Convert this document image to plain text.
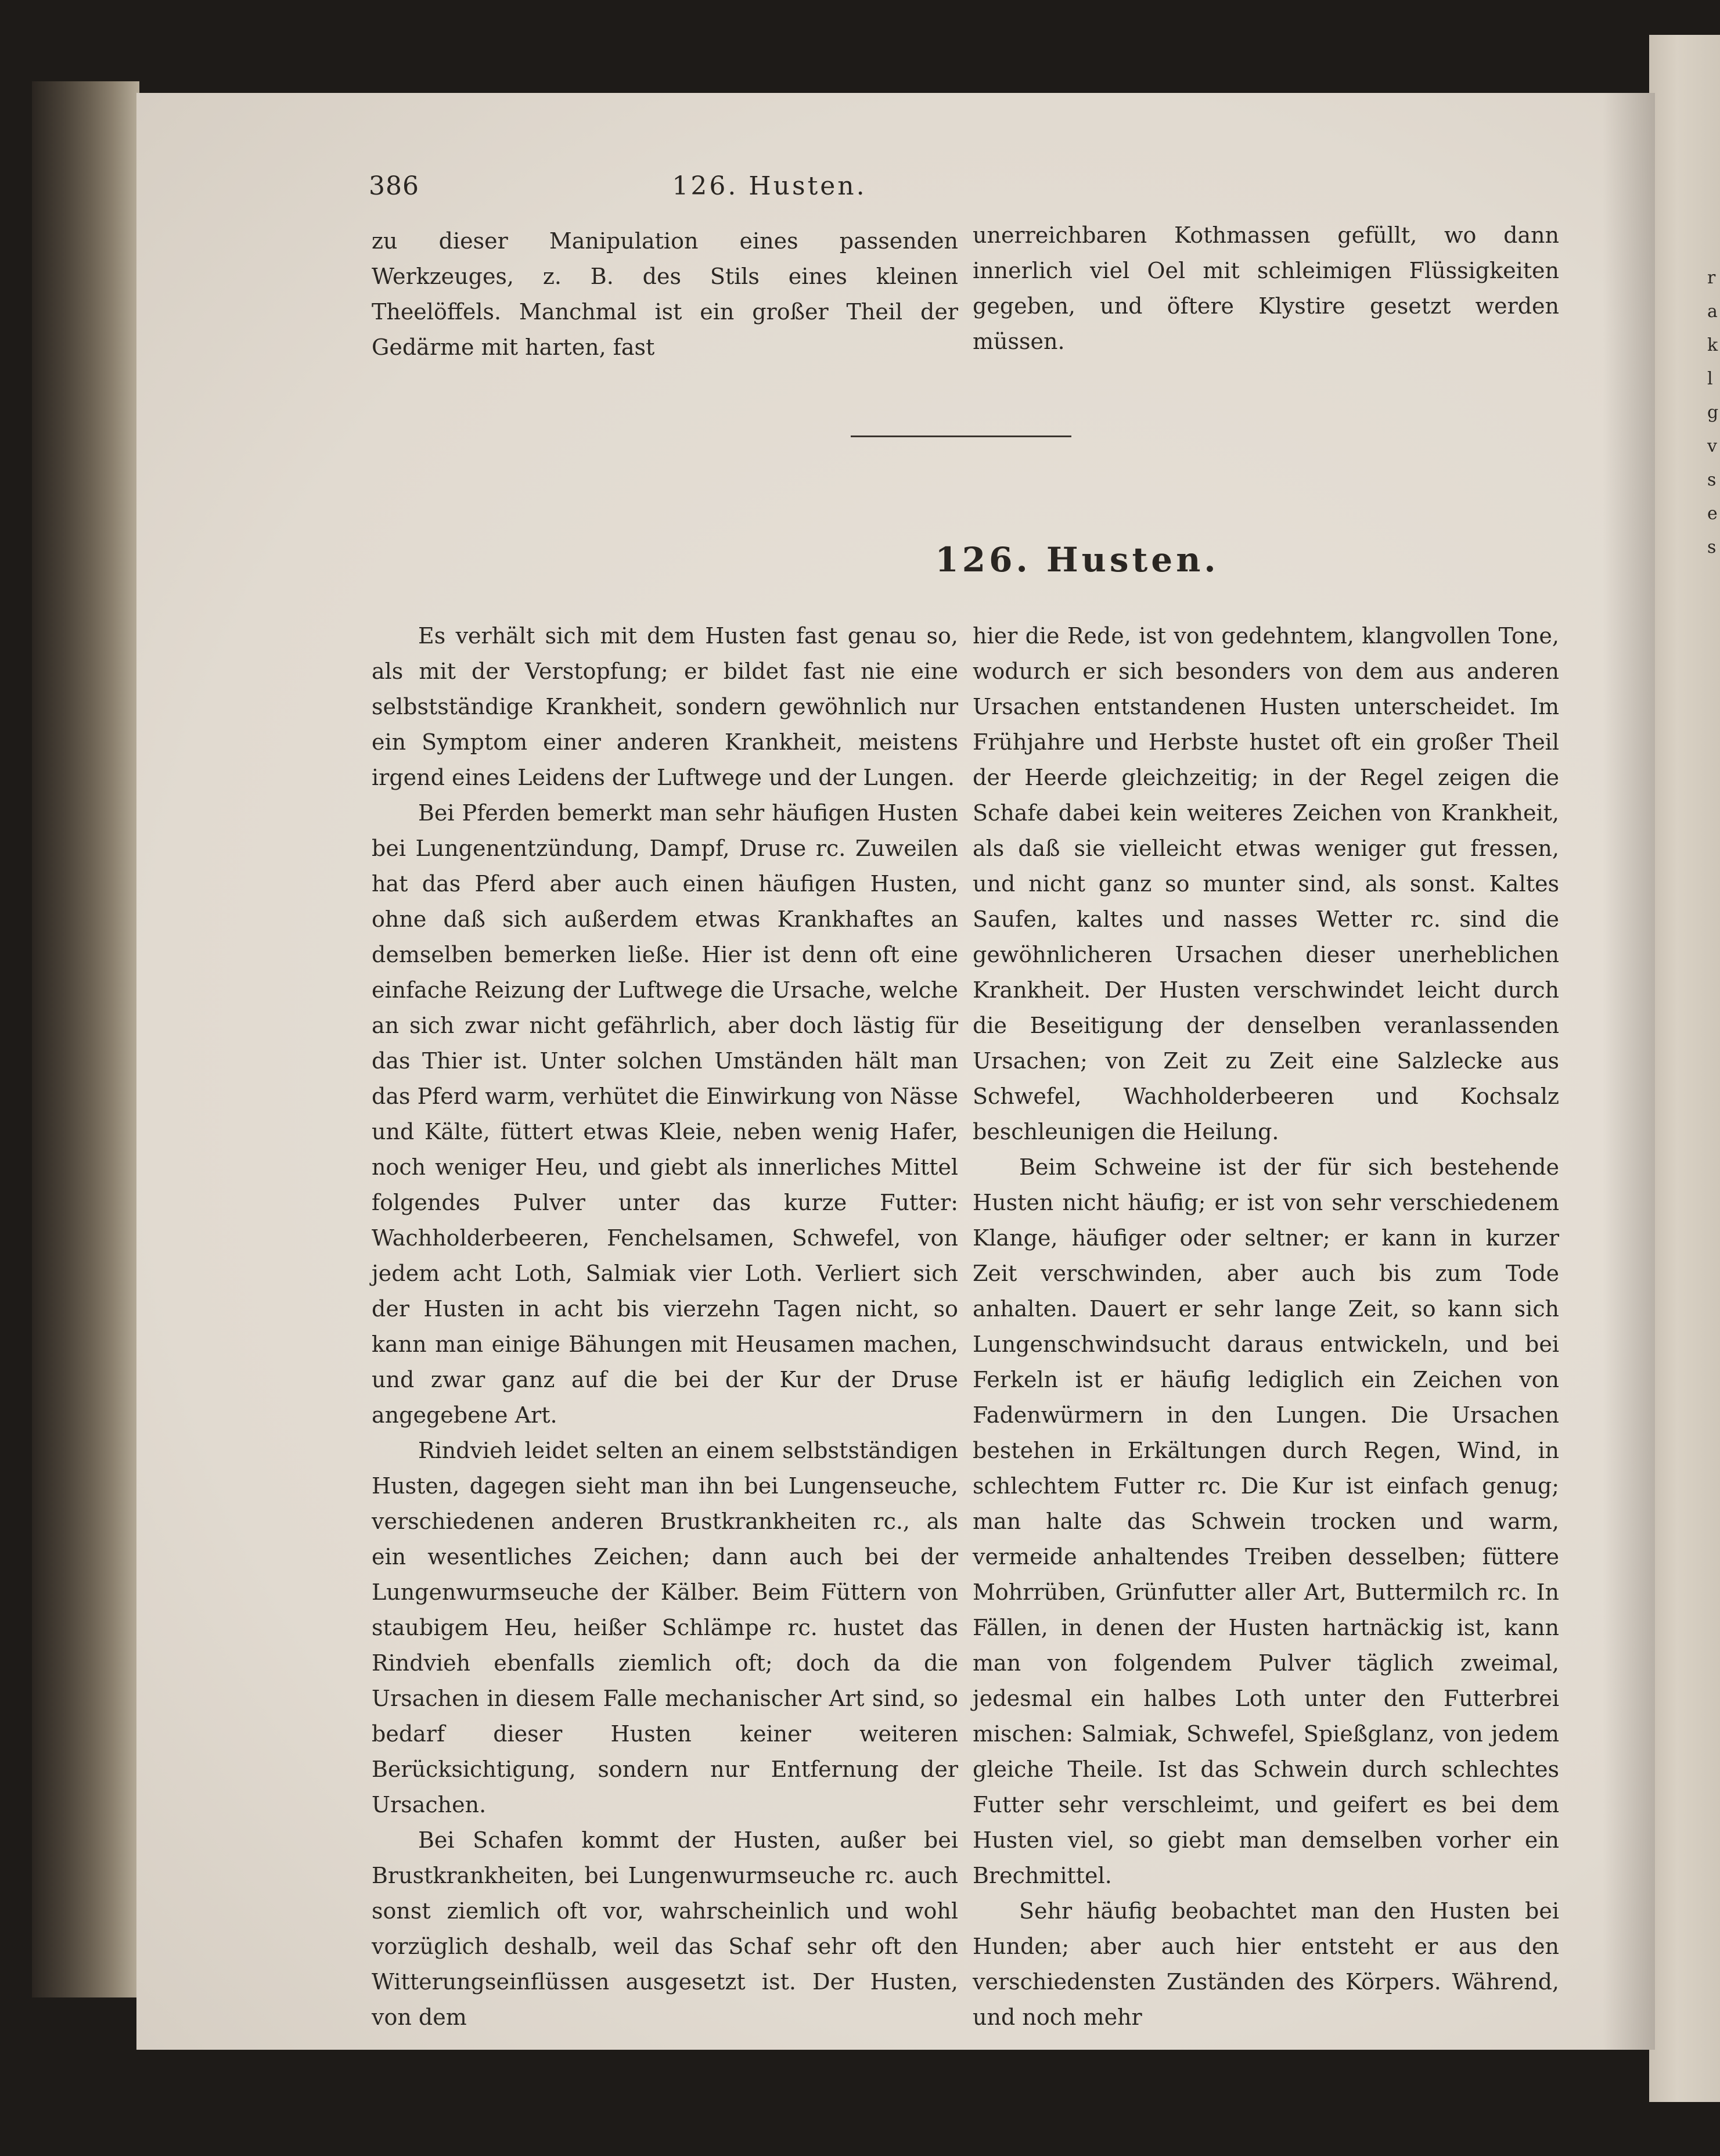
r a k l g v s e s
386	126. Husten.

zu dieser Manipulation eines passenden Werkzeuges, z. B. des Stils eines kleinen Theelöffels. Manchmal ist ein großer Theil der Gedärme mit harten, fast

unerreichbaren Kothmassen gefüllt, wo dann innerlich viel Oel mit schleimigen Flüssigkeiten gegeben, und öftere Klystire gesetzt werden müssen.

126. Husten.

Es verhält sich mit dem Husten fast genau so, als mit der Verstopfung; er bildet fast nie eine selbstständige Krankheit, sondern gewöhnlich nur ein Symptom einer anderen Krankheit, meistens irgend eines Leidens der Luftwege und der Lungen.

Bei Pferden bemerkt man sehr häufigen Husten bei Lungenentzündung, Dampf, Druse rc. Zuweilen hat das Pferd aber auch einen häufigen Husten, ohne daß sich außerdem etwas Krankhaftes an demselben bemerken ließe. Hier ist denn oft eine einfache Reizung der Luftwege die Ursache, welche an sich zwar nicht gefährlich, aber doch lästig für das Thier ist. Unter solchen Umständen hält man das Pferd warm, verhütet die Einwirkung von Nässe und Kälte, füttert etwas Kleie, neben wenig Hafer, noch weniger Heu, und giebt als innerliches Mittel folgendes Pulver unter das kurze Futter: Wachholderbeeren, Fenchelsamen, Schwefel, von jedem acht Loth, Salmiak vier Loth. Verliert sich der Husten in acht bis vierzehn Tagen nicht, so kann man einige Bähungen mit Heusamen machen, und zwar ganz auf die bei der Kur der Druse angegebene Art.

Rindvieh leidet selten an einem selbstständigen Husten, dagegen sieht man ihn bei Lungenseuche, verschiedenen anderen Brustkrankheiten rc., als ein wesentliches Zeichen; dann auch bei der Lungenwurmseuche der Kälber. Beim Füttern von staubigem Heu, heißer Schlämpe rc. hustet das Rindvieh ebenfalls ziemlich oft; doch da die Ursachen in diesem Falle mechanischer Art sind, so bedarf dieser Husten keiner weiteren Berücksichtigung, sondern nur Entfernung der Ursachen.

Bei Schafen kommt der Husten, außer bei Brustkrankheiten, bei Lungenwurmseuche rc. auch sonst ziemlich oft vor, wahrscheinlich und wohl vorzüglich deshalb, weil das Schaf sehr oft den Witterungseinflüssen ausgesetzt ist. Der Husten, von dem

hier die Rede, ist von gedehntem, klangvollen Tone, wodurch er sich besonders von dem aus anderen Ursachen entstandenen Husten unterscheidet. Im Frühjahre und Herbste hustet oft ein großer Theil der Heerde gleichzeitig; in der Regel zeigen die Schafe dabei kein weiteres Zeichen von Krankheit, als daß sie vielleicht etwas weniger gut fressen, und nicht ganz so munter sind, als sonst. Kaltes Saufen, kaltes und nasses Wetter rc. sind die gewöhnlicheren Ursachen dieser unerheblichen Krankheit. Der Husten verschwindet leicht durch die Beseitigung der denselben veranlassenden Ursachen; von Zeit zu Zeit eine Salzlecke aus Schwefel, Wachholderbeeren und Kochsalz beschleunigen die Heilung.

Beim Schweine ist der für sich bestehende Husten nicht häufig; er ist von sehr verschiedenem Klange, häufiger oder seltner; er kann in kurzer Zeit verschwinden, aber auch bis zum Tode anhalten. Dauert er sehr lange Zeit, so kann sich Lungenschwindsucht daraus entwickeln, und bei Ferkeln ist er häufig lediglich ein Zeichen von Fadenwürmern in den Lungen. Die Ursachen bestehen in Erkältungen durch Regen, Wind, in schlechtem Futter rc. Die Kur ist einfach genug; man halte das Schwein trocken und warm, vermeide anhaltendes Treiben desselben; füttere Mohrrüben, Grünfutter aller Art, Buttermilch rc. In Fällen, in denen der Husten hartnäckig ist, kann man von folgendem Pulver täglich zweimal, jedesmal ein halbes Loth unter den Futterbrei mischen: Salmiak, Schwefel, Spießglanz, von jedem gleiche Theile. Ist das Schwein durch schlechtes Futter sehr verschleimt, und geifert es bei dem Husten viel, so giebt man demselben vorher ein Brechmittel.

Sehr häufig beobachtet man den Husten bei Hunden; aber auch hier entsteht er aus den verschiedensten Zuständen des Körpers. Während, und noch mehr
